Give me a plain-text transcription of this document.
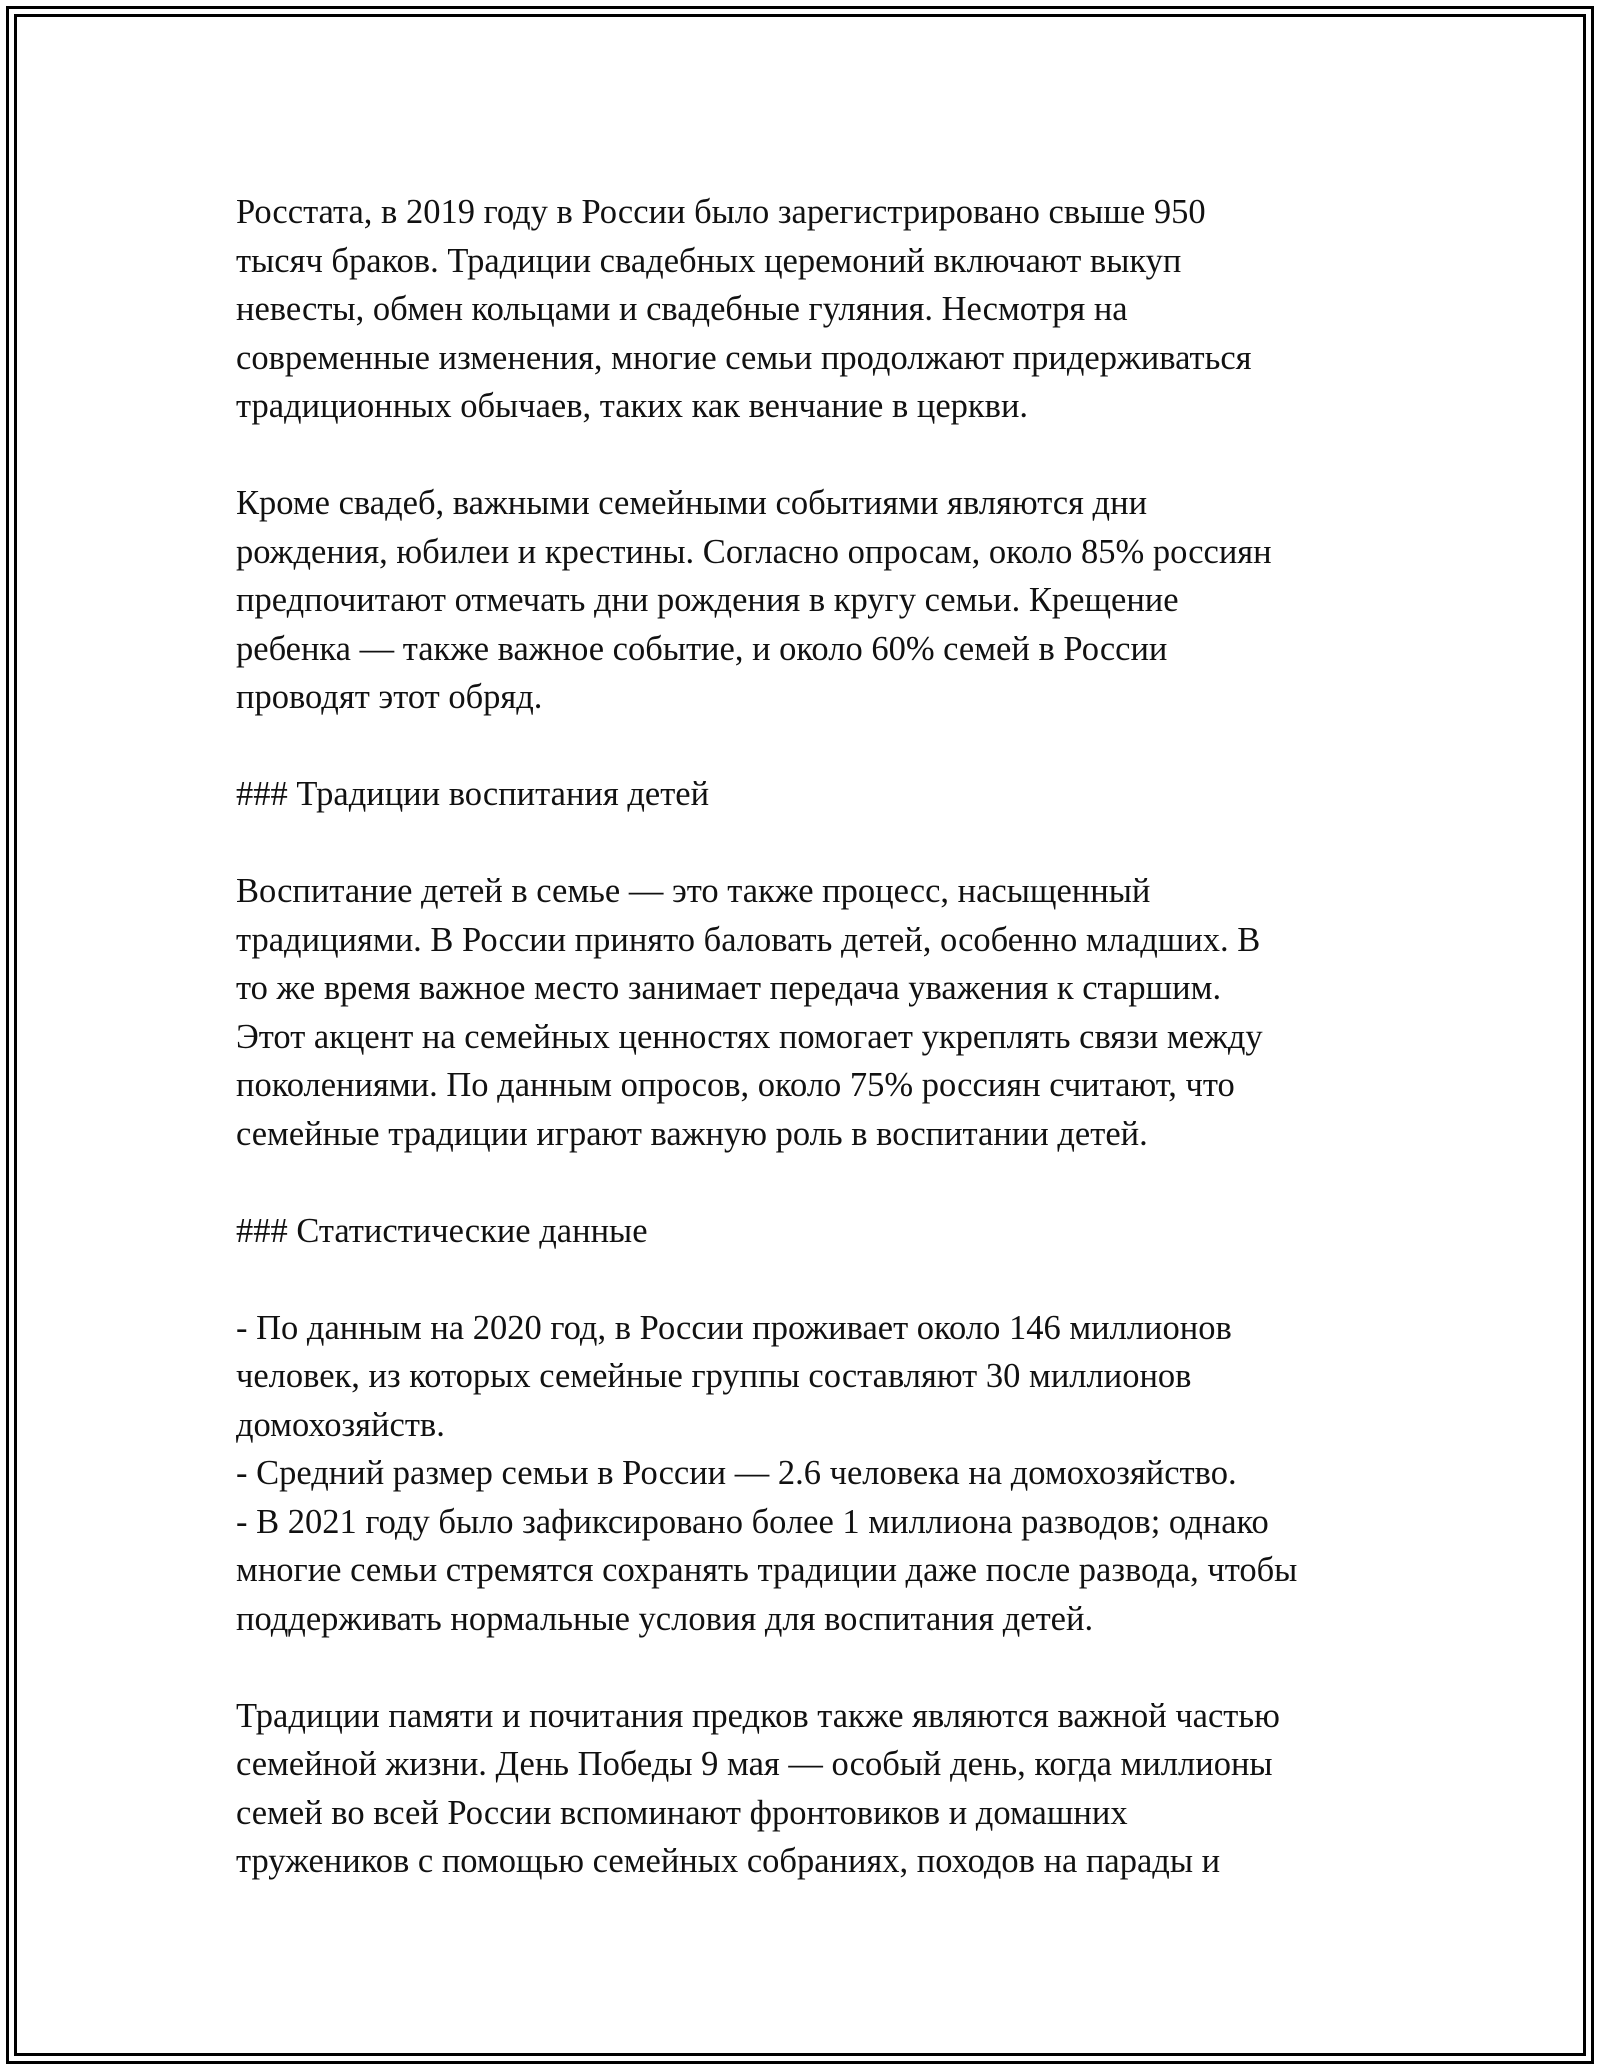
Росстата, в 2019 году в России было зарегистрировано свыше 950
тысяч браков. Традиции свадебных церемоний включают выкуп
невесты, обмен кольцами и свадебные гуляния. Несмотря на
современные изменения, многие семьи продолжают придерживаться
традиционных обычаев, таких как венчание в церкви.
Кроме свадеб, важными семейными событиями являются дни
рождения, юбилеи и крестины. Согласно опросам, около 85% россиян
предпочитают отмечать дни рождения в кругу семьи. Крещение
ребенка — также важное событие, и около 60% семей в России
проводят этот обряд.
### Традиции воспитания детей
Воспитание детей в семье — это также процесс, насыщенный
традициями. В России принято баловать детей, особенно младших. В
то же время важное место занимает передача уважения к старшим.
Этот акцент на семейных ценностях помогает укреплять связи между
поколениями. По данным опросов, около 75% россиян считают, что
семейные традиции играют важную роль в воспитании детей.
### Статистические данные
- По данным на 2020 год, в России проживает около 146 миллионов
человек, из которых семейные группы составляют 30 миллионов
домохозяйств.
- Средний размер семьи в России — 2.6 человека на домохозяйство.
- В 2021 году было зафиксировано более 1 миллиона разводов; однако
многие семьи стремятся сохранять традиции даже после развода, чтобы
поддерживать нормальные условия для воспитания детей.
Традиции памяти и почитания предков также являются важной частью
семейной жизни. День Победы 9 мая — особый день, когда миллионы
семей во всей России вспоминают фронтовиков и домашних
тружеников с помощью семейных собраниях, походов на парады и
